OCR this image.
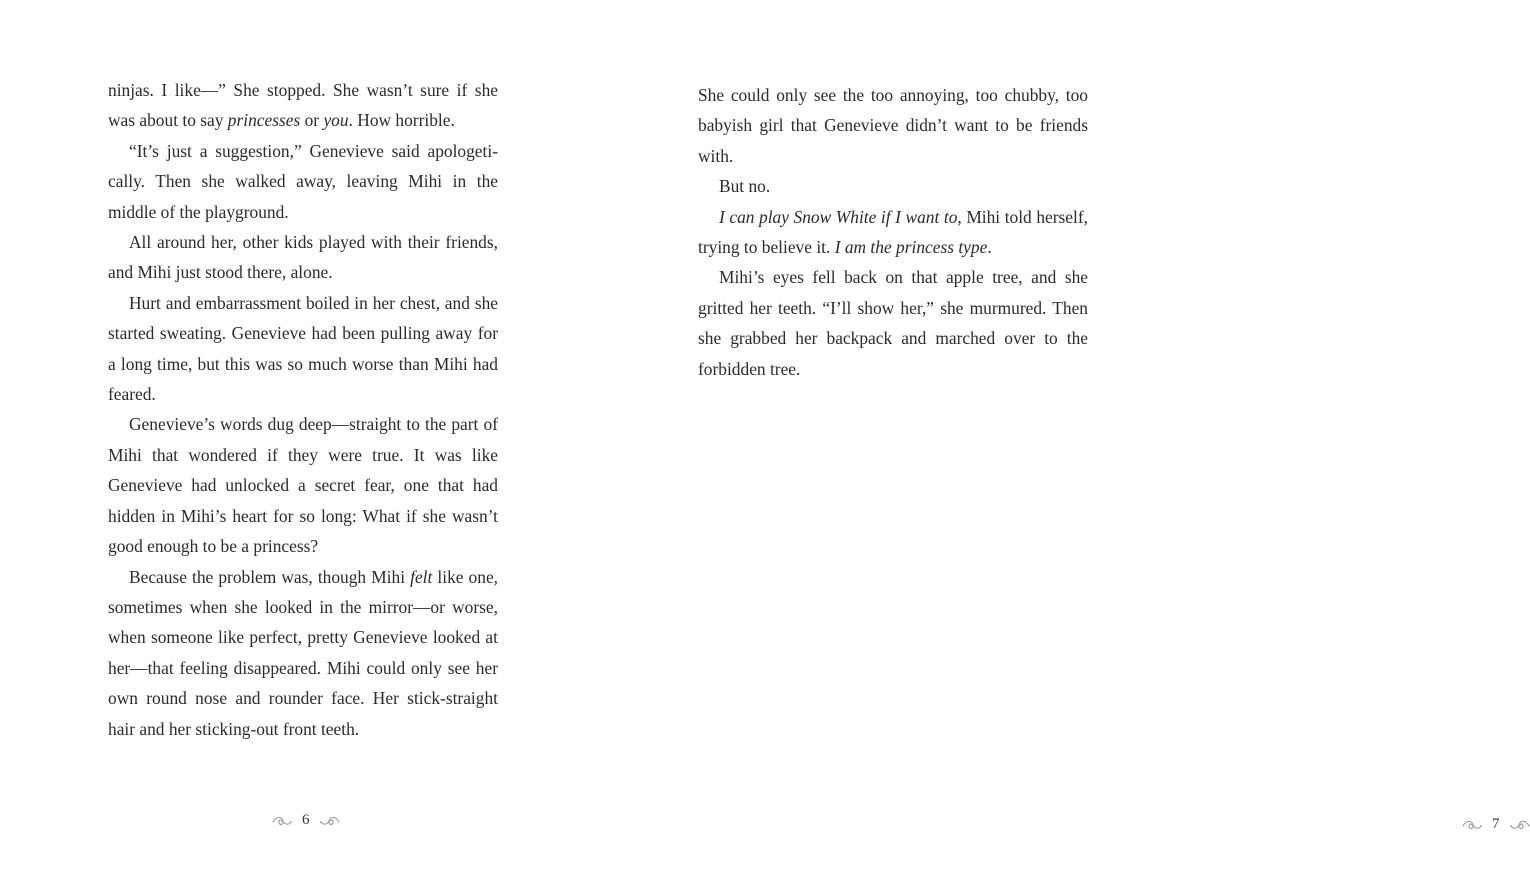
ninjas. I like—” She stopped. She wasn’t sure if she was about to say princesses or you. How horrible.

“It’s just a suggestion,” Genevieve said apologetically. Then she walked away, leaving Mihi in the middle of the playground.

All around her, other kids played with their friends, and Mihi just stood there, alone.

Hurt and embarrassment boiled in her chest, and she started sweating. Genevieve had been pulling away for a long time, but this was so much worse than Mihi had feared.

Genevieve’s words dug deep—straight to the part of Mihi that wondered if they were true. It was like Genevieve had unlocked a secret fear, one that had hidden in Mihi’s heart for so long: What if she wasn’t good enough to be a princess?

Because the problem was, though Mihi felt like one, sometimes when she looked in the mirror—or worse, when someone like perfect, pretty Genevieve looked at her—that feeling disappeared. Mihi could only see her own round nose and rounder face. Her stick-straight hair and her sticking-out front teeth.

6

She could only see the too annoying, too chubby, too babyish girl that Genevieve didn’t want to be friends with.

But no.

I can play Snow White if I want to, Mihi told herself, trying to believe it. I am the princess type.

Mihi’s eyes fell back on that apple tree, and she gritted her teeth. “I’ll show her,” she murmured. Then she grabbed her backpack and marched over to the forbidden tree.

7
